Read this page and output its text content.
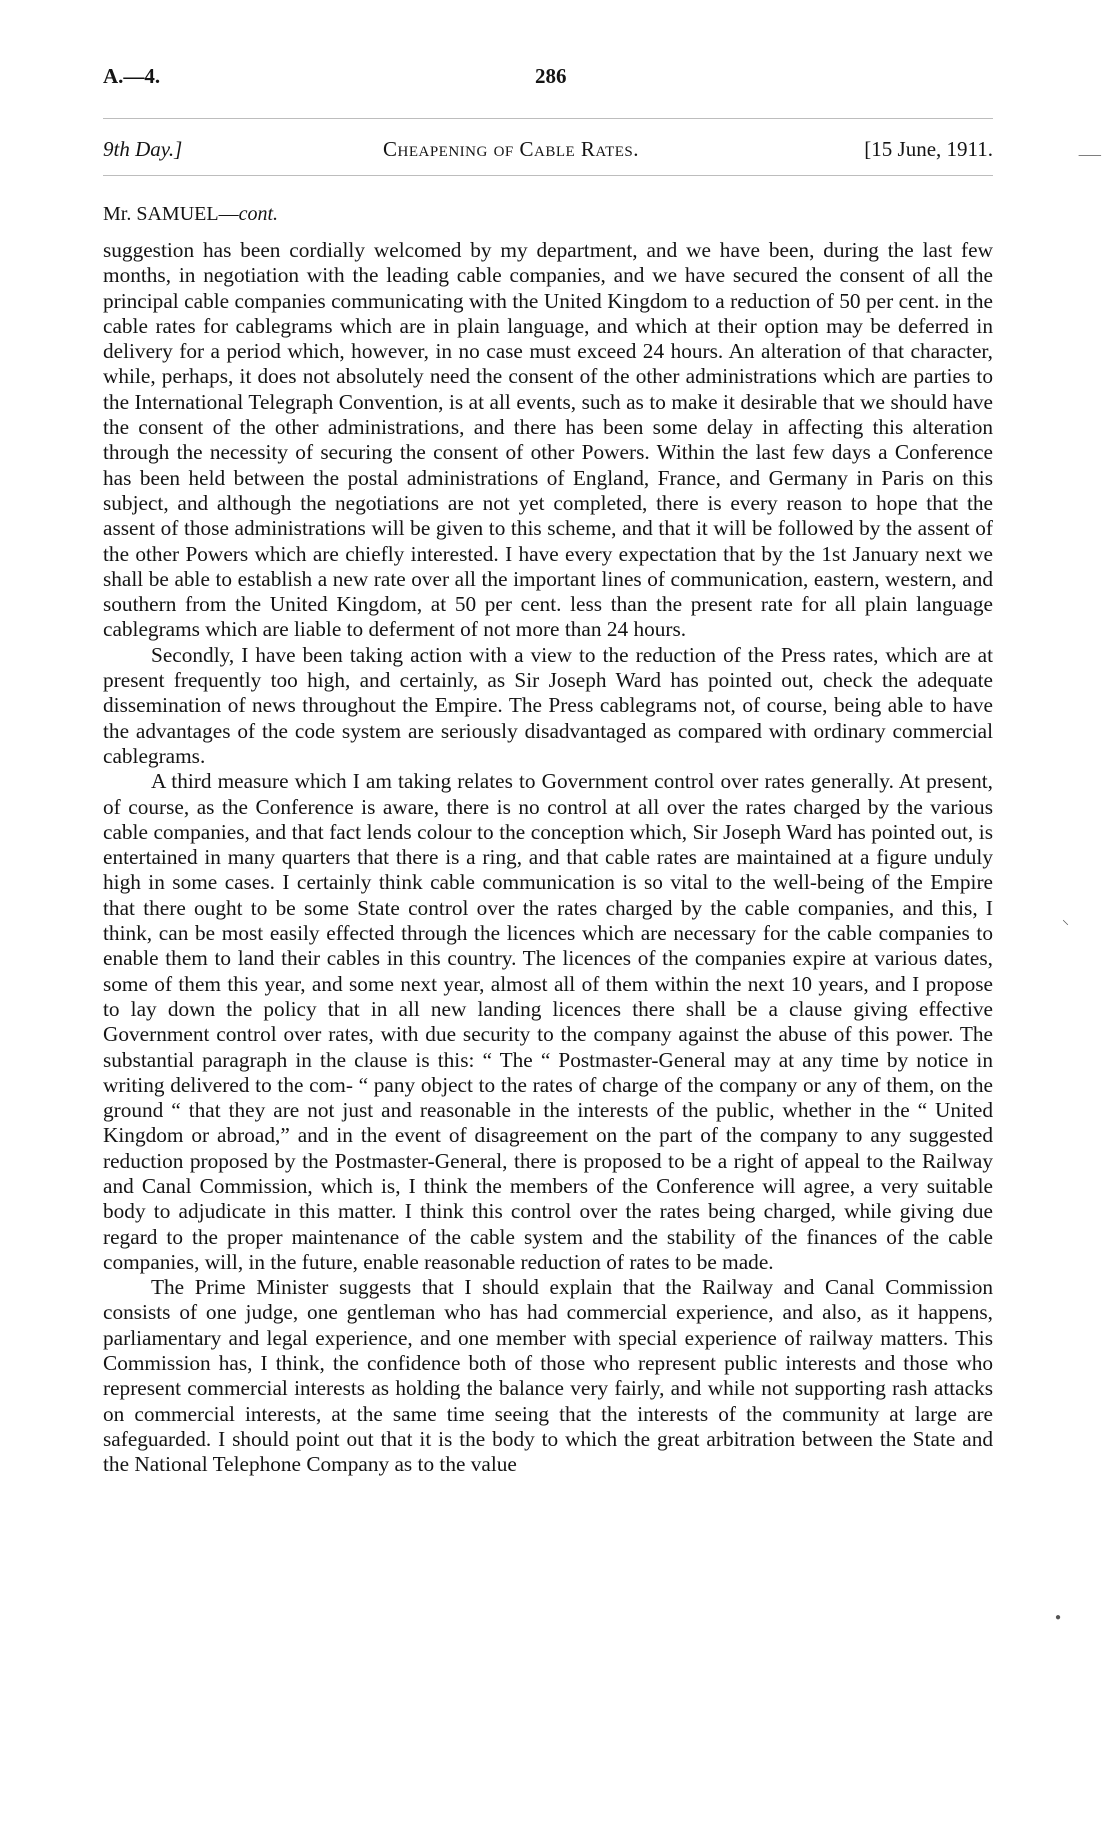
A.—4.	286
9th Day.]	Cheapening of Cable Rates.	[15 June, 1911.
Mr. SAMUEL—cont.

suggestion has been cordially welcomed by my department, and we have been, during the last few months, in negotiation with the leading cable companies, and we have secured the consent of all the principal cable companies communicating with the United Kingdom to a reduction of 50 per cent. in the cable rates for cablegrams which are in plain language, and which at their option may be deferred in delivery for a period which, however, in no case must exceed 24 hours. An alteration of that character, while, perhaps, it does not absolutely need the consent of the other administrations which are parties to the International Telegraph Convention, is at all events, such as to make it desirable that we should have the consent of the other administrations, and there has been some delay in affecting this alteration through the necessity of securing the consent of other Powers. Within the last few days a Conference has been held between the postal administrations of England, France, and Germany in Paris on this subject, and although the negotiations are not yet completed, there is every reason to hope that the assent of those administrations will be given to this scheme, and that it will be followed by the assent of the other Powers which are chiefly interested. I have every expectation that by the 1st January next we shall be able to establish a new rate over all the important lines of communication, eastern, western, and southern from the United Kingdom, at 50 per cent. less than the present rate for all plain language cablegrams which are liable to deferment of not more than 24 hours.

Secondly, I have been taking action with a view to the reduction of the Press rates, which are at present frequently too high, and certainly, as Sir Joseph Ward has pointed out, check the adequate dissemination of news throughout the Empire. The Press cablegrams not, of course, being able to have the advantages of the code system are seriously disadvantaged as compared with ordinary commercial cablegrams.

A third measure which I am taking relates to Government control over rates generally. At present, of course, as the Conference is aware, there is no control at all over the rates charged by the various cable companies, and that fact lends colour to the conception which, Sir Joseph Ward has pointed out, is entertained in many quarters that there is a ring, and that cable rates are maintained at a figure unduly high in some cases. I certainly think cable communication is so vital to the well-being of the Empire that there ought to be some State control over the rates charged by the cable companies, and this, I think, can be most easily effected through the licences which are necessary for the cable companies to enable them to land their cables in this country. The licences of the companies expire at various dates, some of them this year, and some next year, almost all of them within the next 10 years, and I propose to lay down the policy that in all new landing licences there shall be a clause giving effective Government control over rates, with due security to the company against the abuse of this power. The substantial paragraph in the clause is this: “ The “ Postmaster-General may at any time by notice in writing delivered to the com- “ pany object to the rates of charge of the company or any of them, on the ground “ that they are not just and reasonable in the interests of the public, whether in the “ United Kingdom or abroad,” and in the event of disagreement on the part of the company to any suggested reduction proposed by the Postmaster-General, there is proposed to be a right of appeal to the Railway and Canal Commission, which is, I think the members of the Conference will agree, a very suitable body to adjudicate in this matter. I think this control over the rates being charged, while giving due regard to the proper maintenance of the cable system and the stability of the finances of the cable companies, will, in the future, enable reasonable reduction of rates to be made.

The Prime Minister suggests that I should explain that the Railway and Canal Commission consists of one judge, one gentleman who has had commercial experience, and also, as it happens, parliamentary and legal experience, and one member with special experience of railway matters. This Commission has, I think, the confidence both of those who represent public interests and those who represent commercial interests as holding the balance very fairly, and while not supporting rash attacks on commercial interests, at the same time seeing that the interests of the community at large are safeguarded. I should point out that it is the body to which the great arbitration between the State and the National Telephone Company as to the value

⸺
⸜
●
